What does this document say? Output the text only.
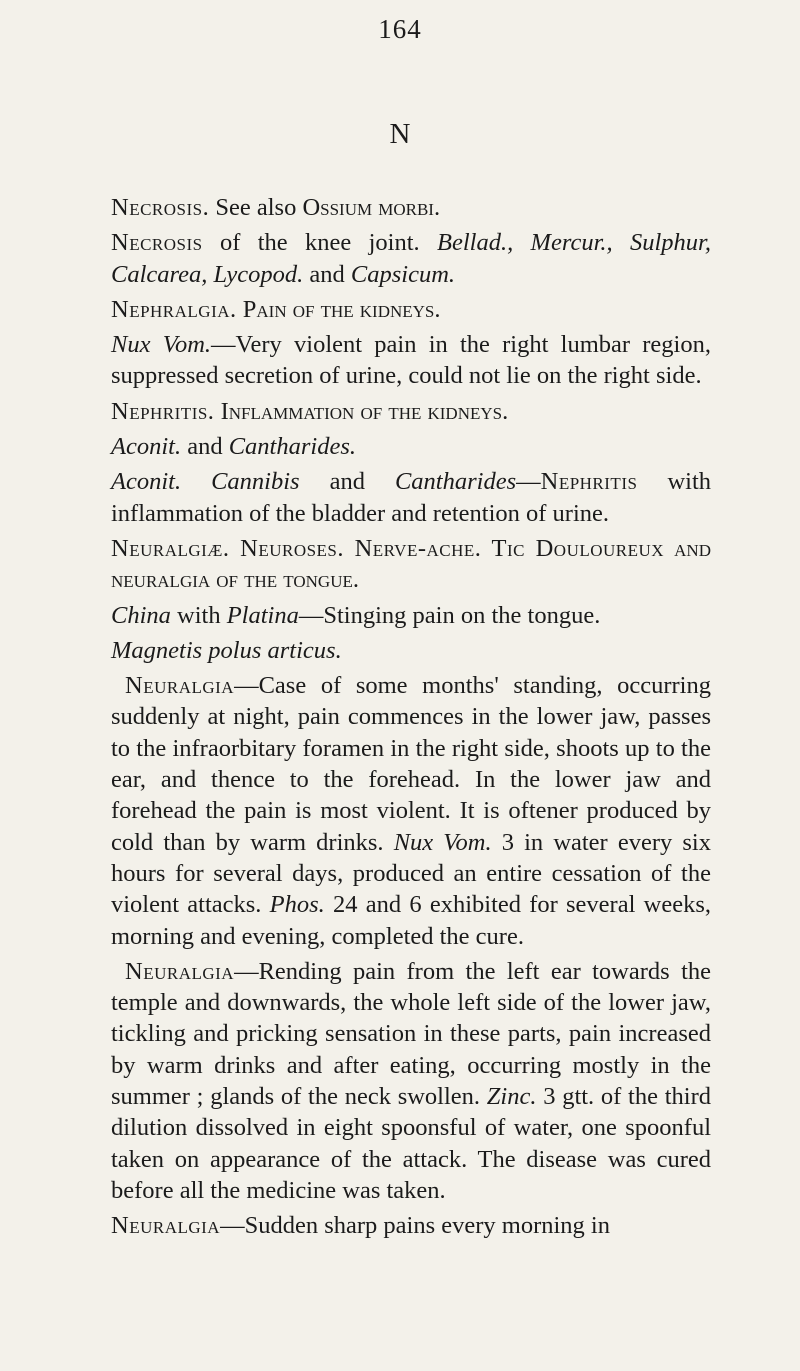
164
N

Necrosis. See also Ossium morbi.

Necrosis of the knee joint. Bellad., Mercur., Sulphur, Calcarea, Lycopod. and Capsicum.

Nephralgia. Pain of the kidneys.

Nux Vom.—Very violent pain in the right lumbar region, suppressed secretion of urine, could not lie on the right side.

Nephritis. Inflammation of the kidneys.

Aconit. and Cantharides.

Aconit. Cannibis and Cantharides—Nephritis with inflammation of the bladder and retention of urine.

Neuralgiæ. Neuroses. Nerve-ache. Tic Douloureux and neuralgia of the tongue.

China with Platina—Stinging pain on the tongue.

Magnetis polus articus.

Neuralgia—Case of some months' standing, occurring suddenly at night, pain commences in the lower jaw, passes to the infraorbitary foramen in the right side, shoots up to the ear, and thence to the forehead. In the lower jaw and forehead the pain is most violent. It is oftener produced by cold than by warm drinks. Nux Vom. 3 in water every six hours for several days, produced an entire cessation of the violent attacks. Phos. 24 and 6 exhibited for several weeks, morning and evening, completed the cure.

Neuralgia—Rending pain from the left ear towards the temple and downwards, the whole left side of the lower jaw, tickling and pricking sensation in these parts, pain increased by warm drinks and after eating, occurring mostly in the summer ; glands of the neck swollen. Zinc. 3 gtt. of the third dilution dissolved in eight spoonsful of water, one spoonful taken on appearance of the attack. The disease was cured before all the medicine was taken.

Neuralgia—Sudden sharp pains every morning in
